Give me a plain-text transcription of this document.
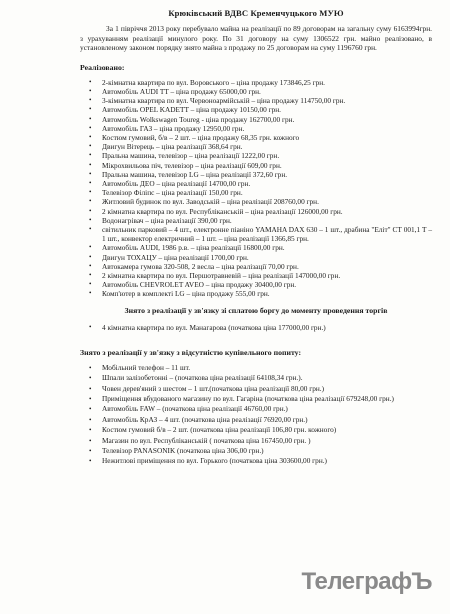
Крюківський ВДВС Кременчуцького МУЮ

За 1 півріччя 2013 року перебувало майна на реалізації по 89 договорам на загальну суму 6163994грн. з урахуванням реалізації минулого року. По 31 договору на суму 1306522 грн. майно реалізовано, в установленому законом порядку знято майна з продажу по 25 договорам на суму 1196760 грн.

Реалізовано:
• 2-кімнатна квартира по вул. Воровського – ціна продажу 173846,25 грн.
• Автомобіль AUDI TT – ціна продажу 65000,00 грн.
• 3-кімнатна квартира по вул. Червоноармійській – ціна продажу 114750,00 грн.
• Автомобіль OPEL KADETT – ціна продажу 10150,00 грн.
• Автомобіль Wolkswagen Toureg - ціна продажу 162700,00 грн.
• Автомобіль ГАЗ – ціна продажу 12950,00 грн.
• Костюм гумовий, б/в – 2 шт. – ціна продажу 68,35 грн. кожного
• Двигун Вітерець – ціна реалізації 368,64 грн.
• Пральна машина, телевізор – ціна реалізації 1222,00 грн.
• Мікрохвильова піч, телевізор – ціна реалізації 609,00 грн.
• Пральна машина, телевізор LG – ціна реалізації 372,60 грн.
• Автомобіль ДЕО – ціна реалізації 14700,00 грн.
• Телевізор Філіпс – ціна реалізації 150,00 грн.
• Житловий будинок по вул. Заводській – ціна реалізації 208760,00 грн.
• 2 кімнатна квартира по вул. Республіканській – ціна реалізації 126000,00 грн.
• Водонагрівач – ціна реалізації 390,00 грн.
• світильник парковий – 4 шт., електронне піаніно YAMAHA DAX 630 – 1 шт., драбина "Еліт" СТ 001,1 Т – 1 шт., конвектор електричний – 1 шт. – ціна реалізації 1366,85 грн.
• Автомобіль AUDI, 1986 р.в. – ціна реалізації 16800,00 грн.
• Двигун ТОХАЦУ – ціна реалізації 1700,00 грн.
• Автокамера гумова 320-508, 2 весла – ціна реалізації 70,00 грн.
• 2 кімнатна квартира по вул. Першотравневій – ціна реалізації 147000,00 грн.
• Автомобіль CHEVROLET AVEO – ціна продажу 30400,00 грн.
• Комп'ютер в комплекті LG – ціна продажу 555,00 грн.
Знято з реалізації у зв'язку зі сплатою боргу до моменту проведення торгів
• 4 кімнатна квартира по вул. Манагарова (початкова ціна 177000,00 грн.)
Знято з реалізації у зв'язку з відсутністю купівельного попиту:
• Мобільний телефон – 11 шт.
• Шпали залізобетонні – (початкова ціна реалізації 64108,34 грн.).
• Човен дерев'яний з шестом – 1 шт.(початкова ціна реалізації 80,00 грн.)
• Приміщення вбудованого магазину по вул. Гагаріна (початкова ціна реалізації 679248,00 грн.)
• Автомобіль FAW – (початкова ціна реалізації 46760,00 грн.)
• Автомобіль КрАЗ – 4 шт. (початкова ціна реалізації 76920,00 грн.)
• Костюм гумовий б/в – 2 шт. (початкова ціна реалізації 106,80 грн. кожного)
• Магазин по вул. Республіканській ( початкова ціна 167450,00 грн. )
• Телевізор PANASONIK (початкова ціна 306,00 грн.)
• Нежитлові приміщення по вул. Горького (початкова ціна 303600,00 грн.)
ТелеграфЪ
